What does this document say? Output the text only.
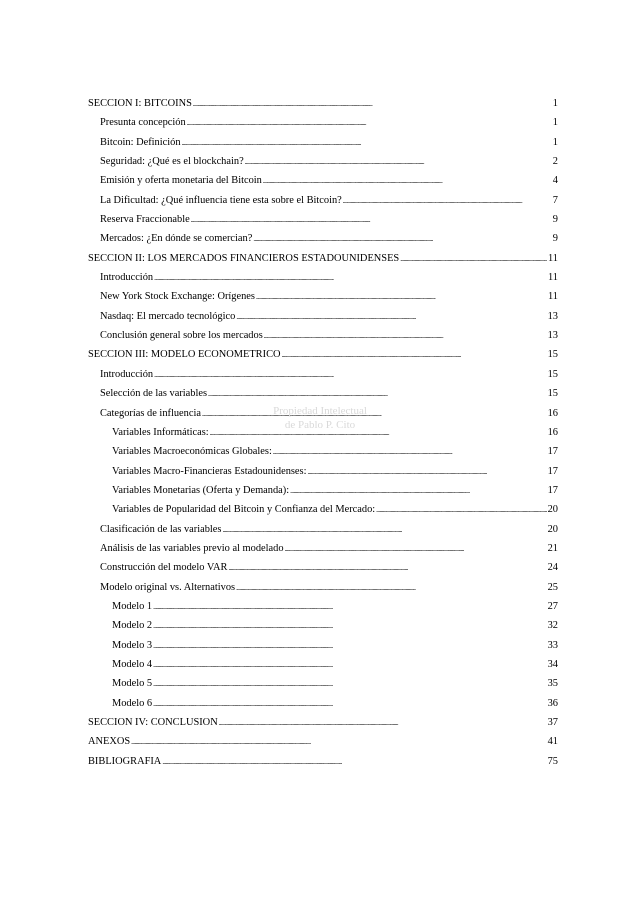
SECCION I: BITCOINS . . .	1
Presunta concepción . . .	1
Bitcoin: Definición . . .	1
Seguridad: ¿Qué es el blockchain? . . .	2
Emisión y oferta monetaria del Bitcoin . . .	4
La Dificultad: ¿Qué influencia tiene esta sobre el Bitcoin? . . .	7
Reserva Fraccionable . . .	9
Mercados: ¿En dónde se comercian? . . .	9
SECCION II: LOS MERCADOS FINANCIEROS ESTADOUNIDENSES . . .	11
Introducción . . .	11
New York Stock Exchange: Orígenes . . .	11
Nasdaq: El mercado tecnológico . . .	13
Conclusión general sobre los mercados . . .	13
SECCION III: MODELO ECONOMETRICO . . .	15
Introducción . . .	15
Selección de las variables . . .	15
Categorías de influencia . . .	16
Variables Informáticas: . . .	16
Variables Macroeconómicas Globales: . . .	17
Variables Macro-Financieras Estadounidenses: . . .	17
Variables Monetarias (Oferta y Demanda): . . .	17
Variables de Popularidad del Bitcoin y Confianza del Mercado: . . .	20
Clasificación de las variables . . .	20
Análisis de las variables previo al modelado . . .	21
Construcción del modelo VAR . . .	24
Modelo original vs. Alternativos . . .	25
Modelo 1 . . .	27
Modelo 2 . . .	32
Modelo 3 . . .	33
Modelo 4 . . .	34
Modelo 5 . . .	35
Modelo 6 . . .	36
SECCION IV: CONCLUSION . . .	37
ANEXOS . . .	41
BIBLIOGRAFIA . . .	75
Propiedad Intelectual
de Pablo P. Cito
